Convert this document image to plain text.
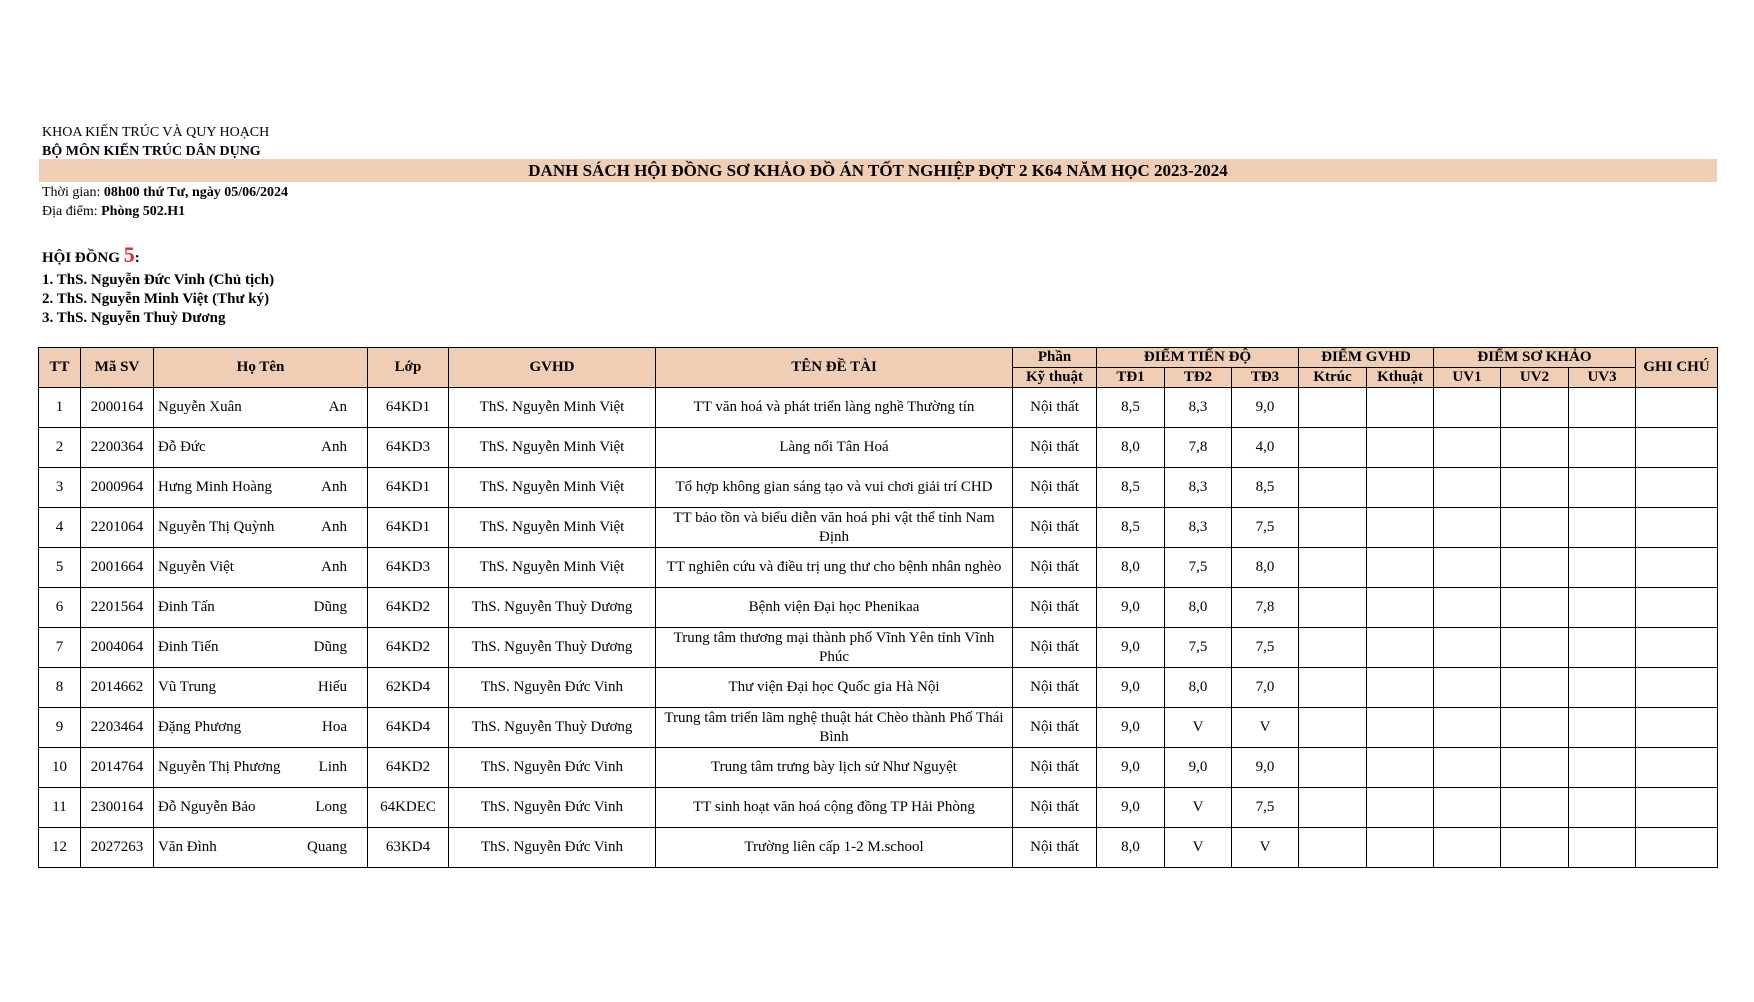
KHOA KIẾN TRÚC VÀ QUY HOẠCH
BỘ MÔN KIẾN TRÚC DÂN DỤNG
DANH SÁCH HỘI ĐỒNG SƠ KHẢO ĐỒ ÁN TỐT NGHIỆP ĐỢT 2 K64 NĂM HỌC 2023-2024
Thời gian: 08h00 thứ Tư, ngày 05/06/2024
Địa điểm: Phòng 502.H1
HỘI ĐỒNG 5:
1. ThS. Nguyễn Đức Vinh (Chủ tịch)
2. ThS. Nguyễn Minh Việt (Thư ký)
3. ThS. Nguyễn Thuỳ Dương
TT	Mã SV	Họ Tên	Lớp	GVHD	TÊN ĐỀ TÀI	Phần	ĐIỂM TIẾN ĐỘ			ĐIỂM GVHD		ĐIỂM SƠ KHẢO			GHI CHÚ
						Kỹ thuật	TĐ1	TĐ2	TĐ3	Ktrúc	Kthuật	UV1	UV2	UV3	
1	2000164	Nguyễn Xuân An	64KD1	ThS. Nguyễn Minh Việt	TT văn hoá và phát triển làng nghề Thường tín	Nội thất	8,5	8,3	9,0						
2	2200364	Đỗ Đức Anh	64KD3	ThS. Nguyễn Minh Việt	Làng nổi Tân Hoá	Nội thất	8,0	7,8	4,0						
3	2000964	Hưng Minh Hoàng Anh	64KD1	ThS. Nguyễn Minh Việt	Tổ hợp không gian sáng tạo và vui chơi giải trí CHD	Nội thất	8,5	8,3	8,5						
4	2201064	Nguyễn Thị Quỳnh Anh	64KD1	ThS. Nguyễn Minh Việt	TT bảo tồn và biểu diễn văn hoá phi vật thể tỉnh Nam Định	Nội thất	8,5	8,3	7,5						
5	2001664	Nguyễn Việt Anh	64KD3	ThS. Nguyễn Minh Việt	TT nghiên cứu và điều trị ung thư cho bệnh nhân nghèo	Nội thất	8,0	7,5	8,0						
6	2201564	Đinh Tấn Dũng	64KD2	ThS. Nguyễn Thuỳ Dương	Bệnh viện Đại học Phenikaa	Nội thất	9,0	8,0	7,8						
7	2004064	Đinh Tiến Dũng	64KD2	ThS. Nguyễn Thuỳ Dương	Trung tâm thương mại thành phố Vĩnh Yên tỉnh Vĩnh Phúc	Nội thất	9,0	7,5	7,5						
8	2014662	Vũ Trung Hiếu	62KD4	ThS. Nguyễn Đức Vinh	Thư viện Đại học Quốc gia Hà Nội	Nội thất	9,0	8,0	7,0						
9	2203464	Đặng Phương Hoa	64KD4	ThS. Nguyễn Thuỳ Dương	Trung tâm triển lãm nghệ thuật hát Chèo thành Phố Thái Bình	Nội thất	9,0	V	V						
10	2014764	Nguyễn Thị Phương Linh	64KD2	ThS. Nguyễn Đức Vinh	Trung tâm trưng bày lịch sử Như Nguyệt	Nội thất	9,0	9,0	9,0						
11	2300164	Đỗ Nguyễn Bảo Long	64KDEC	ThS. Nguyễn Đức Vinh	TT sinh hoạt văn hoá cộng đồng TP Hải Phòng	Nội thất	9,0	V	7,5						
12	2027263	Văn Đình Quang	63KD4	ThS. Nguyễn Đức Vinh	Trường liên cấp 1-2 M.school	Nội thất	8,0	V	V						
